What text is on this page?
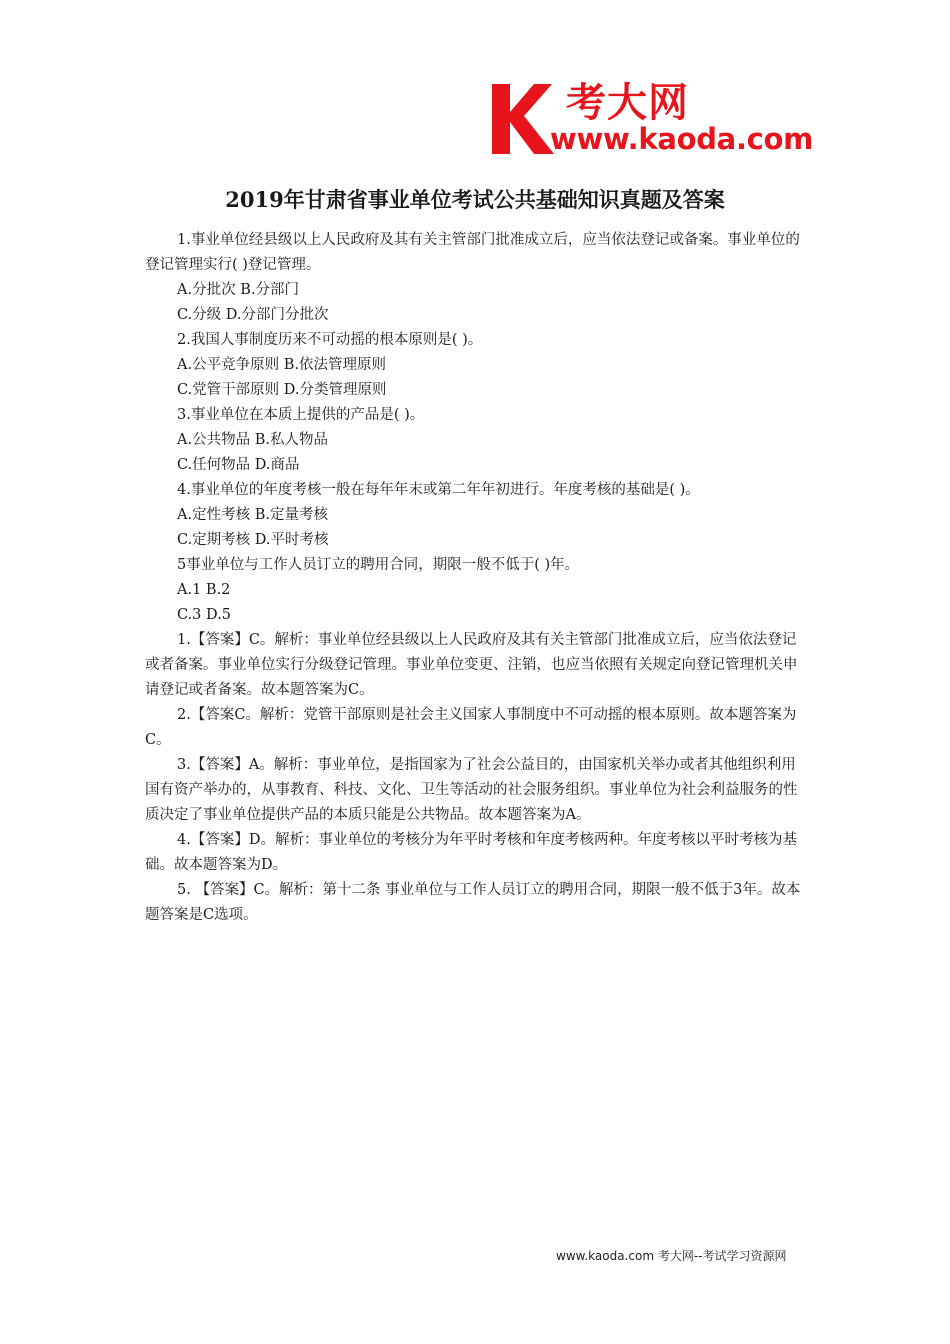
考大网
www.kaoda.com
2019年甘肃省事业单位考试公共基础知识真题及答案

1.事业单位经县级以上人民政府及其有关主管部门批准成立后，应当依法登记或备案。事业单位的登记管理实行( )登记管理。

A.分批次 B.分部门

C.分级 D.分部门分批次

2.我国人事制度历来不可动摇的根本原则是( )。

A.公平竞争原则 B.依法管理原则

C.党管干部原则 D.分类管理原则

3.事业单位在本质上提供的产品是( )。

A.公共物品 B.私人物品

C.任何物品 D.商品

4.事业单位的年度考核一般在每年年末或第二年年初进行。年度考核的基础是( )。

A.定性考核 B.定量考核

C.定期考核 D.平时考核

5事业单位与工作人员订立的聘用合同，期限一般不低于( )年。

A.1 B.2

C.3 D.5

1.【答案】C。解析：事业单位经县级以上人民政府及其有关主管部门批准成立后，应当依法登记或者备案。事业单位实行分级登记管理。事业单位变更、注销，也应当依照有关规定向登记管理机关申请登记或者备案。故本题答案为C。

2.【答案C。解析：党管干部原则是社会主义国家人事制度中不可动摇的根本原则。故本题答案为C。

3.【答案】A。解析：事业单位，是指国家为了社会公益目的，由国家机关举办或者其他组织利用国有资产举办的，从事教育、科技、文化、卫生等活动的社会服务组织。事业单位为社会利益服务的性质决定了事业单位提供产品的本质只能是公共物品。故本题答案为A。

4.【答案】D。解析：事业单位的考核分为年平时考核和年度考核两种。年度考核以平时考核为基础。故本题答案为D。

5. 【答案】C。解析：第十二条 事业单位与工作人员订立的聘用合同，期限一般不低于3年。故本题答案是C选项。

www.kaoda.com 考大网--考试学习资源网
